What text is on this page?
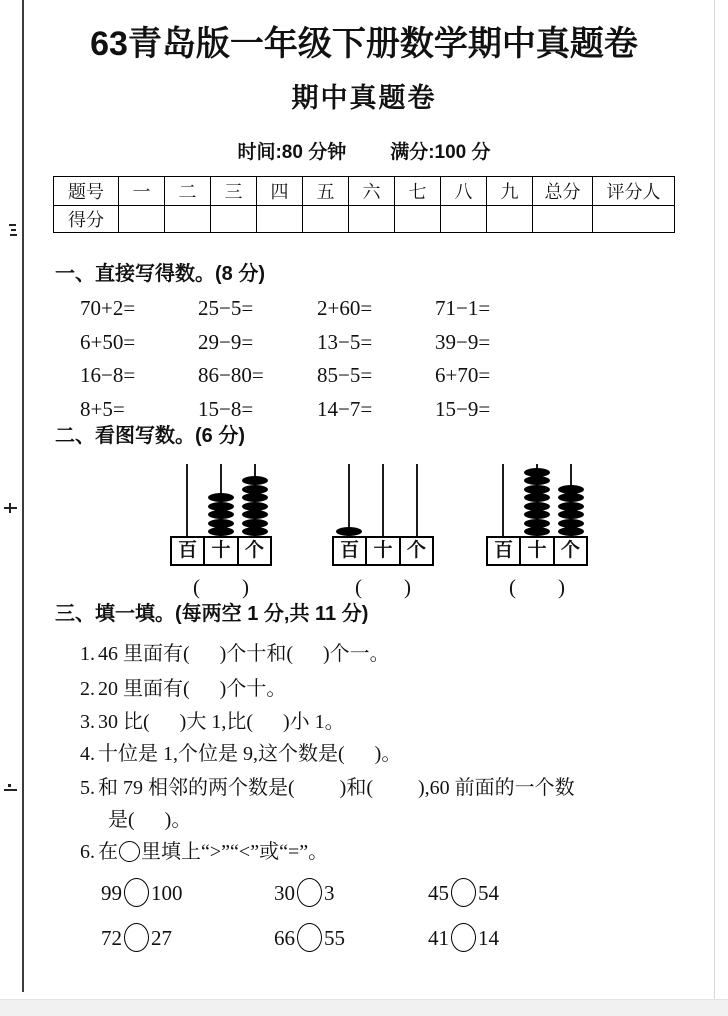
63青岛版一年级下册数学期中真题卷
期中真题卷
时间:80 分钟 满分:100 分
题号	一	二	三	四	五	六	七	八	九	总分	评分人
得分											
一、直接写得数。(8 分)
70+2=	25−5=	2+60=	71−1=
6+50=	29−9=	13−5=	39−9=
16−8=	86−80=	85−5=	6+70=
8+5=	15−8=	14−7=	15−9=
二、看图写数。(6 分)
百 十 个
(        )
百 十 个
(        )
百 十 个
(        )
三、填一填。(每两空 1 分,共 11 分)
1. 46 里面有(      )个十和(      )个一。
2. 20 里面有(      )个十。
3. 30 比(      )大 1,比(      )小 1。
4. 十位是 1,个位是 9,这个数是(      )。
5. 和 79 相邻的两个数是(         )和(         ),60 前面的一个数
是(      )。
6. 在 里填上“>”“<”或“=”。
99 100	30 3	45 54
72 27	66 55	41 14
